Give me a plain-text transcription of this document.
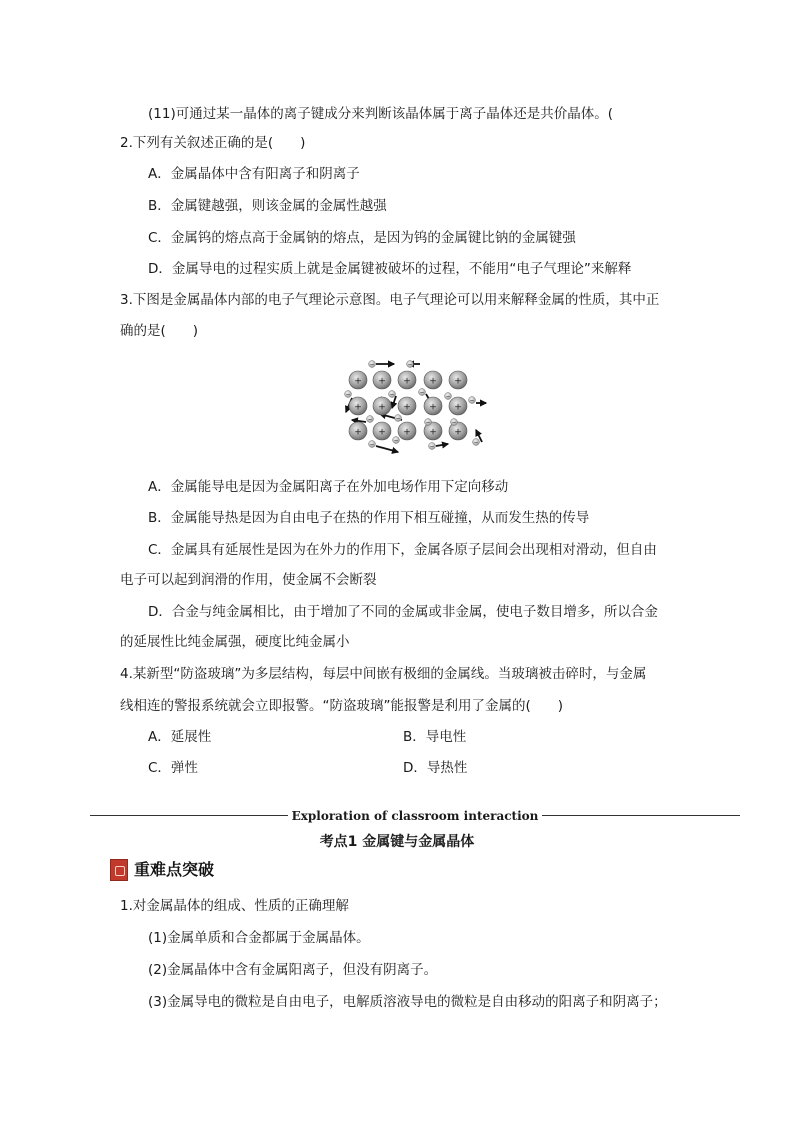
(11)可通过某一晶体的离子键成分来判断该晶体属于离子晶体还是共价晶体。(
2.下列有关叙述正确的是(　　)
A．金属晶体中含有阳离子和阴离子
B．金属键越强，则该金属的金属性越强
C．金属钨的熔点高于金属钠的熔点，是因为钨的金属键比钠的金属键强
D．金属导电的过程实质上就是金属键被破坏的过程，不能用“电子气理论”来解释
3.下图是金属晶体内部的电子气理论示意图。电子气理论可以用来解释金属的性质，其中正
确的是(　　)
+ + + + +
+ + + + +
+ + + + +
−	−
−	−	−
−
−
−
−	−	−
−
−	−
−
A．金属能导电是因为金属阳离子在外加电场作用下定向移动
B．金属能导热是因为自由电子在热的作用下相互碰撞，从而发生热的传导
C．金属具有延展性是因为在外力的作用下，金属各原子层间会出现相对滑动，但自由
电子可以起到润滑的作用，使金属不会断裂
D．合金与纯金属相比，由于增加了不同的金属或非金属，使电子数目增多，所以合金
的延展性比纯金属强，硬度比纯金属小
4.某新型“防盗玻璃”为多层结构，每层中间嵌有极细的金属线。当玻璃被击碎时，与金属
线相连的警报系统就会立即报警。“防盗玻璃”能报警是利用了金属的(　　)
A．延展性	B．导电性
C．弹性	D．导热性
Exploration of classroom interaction
考点1 金属键与金属晶体
重难点突破
1.对金属晶体的组成、性质的正确理解
(1)金属单质和合金都属于金属晶体。
(2)金属晶体中含有金属阳离子，但没有阴离子。
(3)金属导电的微粒是自由电子，电解质溶液导电的微粒是自由移动的阳离子和阴离子；
